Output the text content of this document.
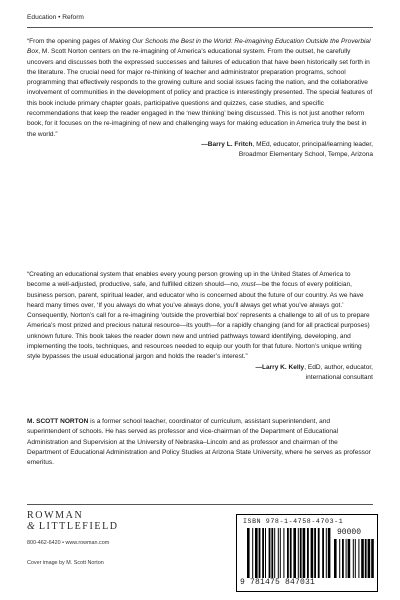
Education • Reform
“From the opening pages of Making Our Schools the Best in the World: Re-imagining Education Outside the Proverbial Box, M. Scott Norton centers on the re-imagining of America’s educational system. From the outset, he carefully uncovers and discusses both the expressed successes and failures of education that have been historically set forth in the literature. The crucial need for major re-thinking of teacher and administrator preparation programs, school programming that effectively responds to the growing culture and social issues facing the nation, and the collaborative involvement of communities in the development of policy and practice is interestingly presented. The special features of this book include primary chapter goals, participative questions and quizzes, case studies, and specific recommendations that keep the reader engaged in the ‘new thinking’ being discussed. This is not just another reform book, for it focuses on the re-imagining of new and challenging ways for making education in America truly the best in the world.”
—Barry L. Fritch, MEd, educator, principal/learning leader,
Broadmor Elementary School, Tempe, Arizona
“Creating an educational system that enables every young person growing up in the United States of America to become a well-adjusted, productive, safe, and fulfilled citizen should—no, must—be the focus of every politician, business person, parent, spiritual leader, and educator who is concerned about the future of our country. As we have heard many times over, ‘If you always do what you’ve always done, you’ll always get what you’ve always got.’ Consequently, Norton’s call for a re-imagining ‘outside the proverbial box’ represents a challenge to all of us to prepare America’s most prized and precious natural resource—its youth—for a rapidly changing (and for all practical purposes) unknown future. This book takes the reader down new and untried pathways toward identifying, developing, and implementing the tools, techniques, and resources needed to equip our youth for that future. Norton’s unique writing style bypasses the usual educational jargon and holds the reader’s interest.”
—Larry K. Kelly, EdD, author, educator,
international consultant
M. SCOTT NORTON is a former school teacher, coordinator of curriculum, assistant superintendent, and superintendent of schools. He has served as professor and vice-chairman of the Department of Educational Administration and Supervision at the University of Nebraska–Lincoln and as professor and chairman of the Department of Educational Administration and Policy Studies at Arizona State University, where he serves as professor emeritus.
ROWMAN
&  LITTLEFIELD
800-462-6420 • www.rowman.com
Cover image by M. Scott Norton
ISBN 978-1-4758-4703-1
90000
9 781475 847031
